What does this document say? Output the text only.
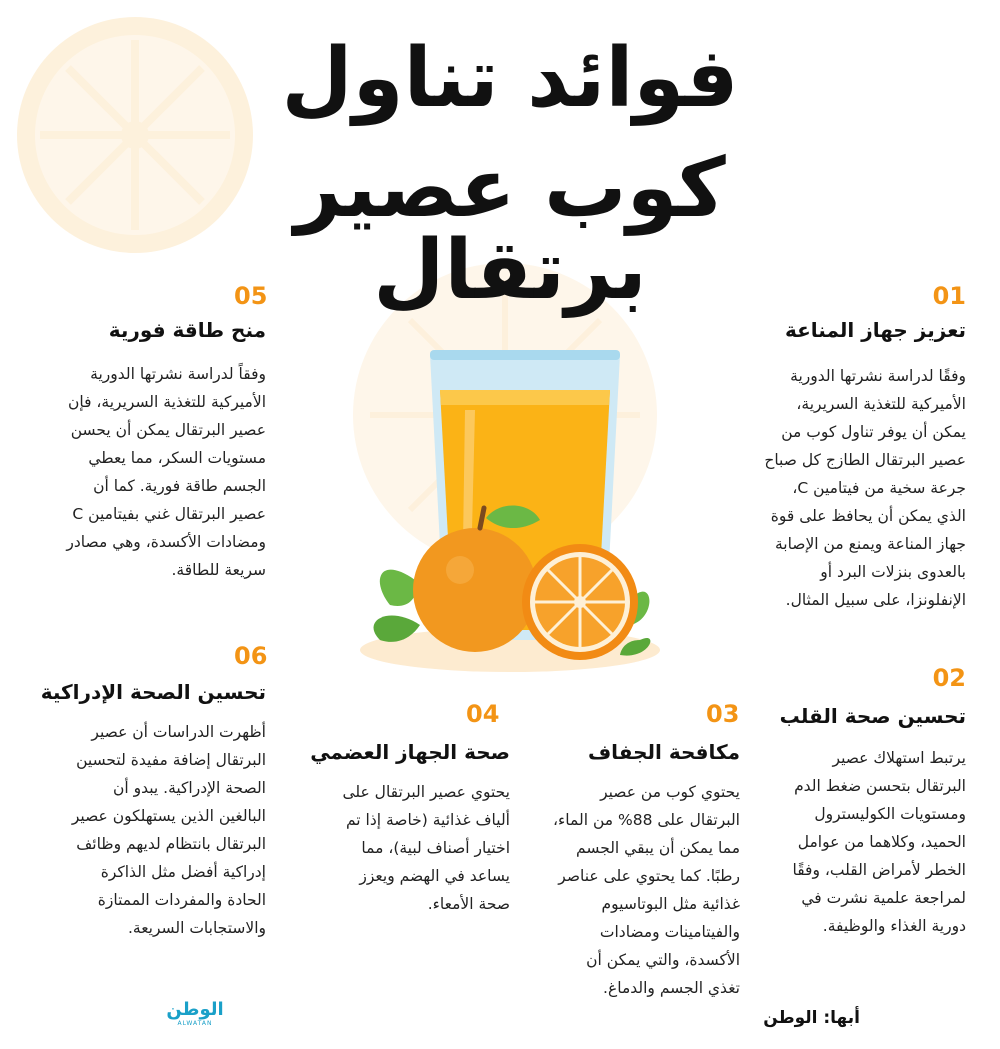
فوائد تناول
كوب عصير برتقال	01
تعزيز جهاز المناعة
وفقًا لدراسة نشرتها الدورية
الأميركية للتغذية السريرية،
يمكن أن يوفر تناول كوب من
عصير البرتقال الطازج كل صباح
جرعة سخية من فيتامين C،
الذي يمكن أن يحافظ على قوة
جهاز المناعة ويمنع من الإصابة
بالعدوى بنزلات البرد أو
الإنفلونزا، على سبيل المثال.
02
تحسين صحة القلب
يرتبط استهلاك عصير
البرتقال بتحسن ضغط الدم
ومستويات الكوليسترول
الحميد، وكلاهما من عوامل
الخطر لأمراض القلب، وفقًا
لمراجعة علمية نشرت في
دورية الغذاء والوظيفة.
03
مكافحة الجفاف
يحتوي كوب من عصير
البرتقال على 88% من الماء،
مما يمكن أن يبقي الجسم
رطبًا. كما يحتوي على عناصر
غذائية مثل البوتاسيوم
والفيتامينات ومضادات
الأكسدة، والتي يمكن أن
تغذي الجسم والدماغ.
04
صحة الجهاز العضمي
يحتوي عصير البرتقال على
ألياف غذائية (خاصة إذا تم
اختيار أصناف لبية)، مما
يساعد في الهضم ويعزز
صحة الأمعاء.
05
منح طاقة فورية
وفقاً لدراسة نشرتها الدورية
الأميركية للتغذية السريرية، فإن
عصير البرتقال يمكن أن يحسن
مستويات السكر، مما يعطي
الجسم طاقة فورية. كما أن
عصير البرتقال غني بفيتامين C
ومضادات الأكسدة، وهي مصادر
سريعة للطاقة.
06
تحسين الصحة الإدراكية
أظهرت الدراسات أن عصير
البرتقال إضافة مفيدة لتحسين
الصحة الإدراكية. يبدو أن
البالغين الذين يستهلكون عصير
البرتقال بانتظام لديهم وظائف
إدراكية أفضل مثل الذاكرة
الحادة والمفردات الممتازة
والاستجابات السريعة.
أبها: الوطن
الوطن
ALWATAN
